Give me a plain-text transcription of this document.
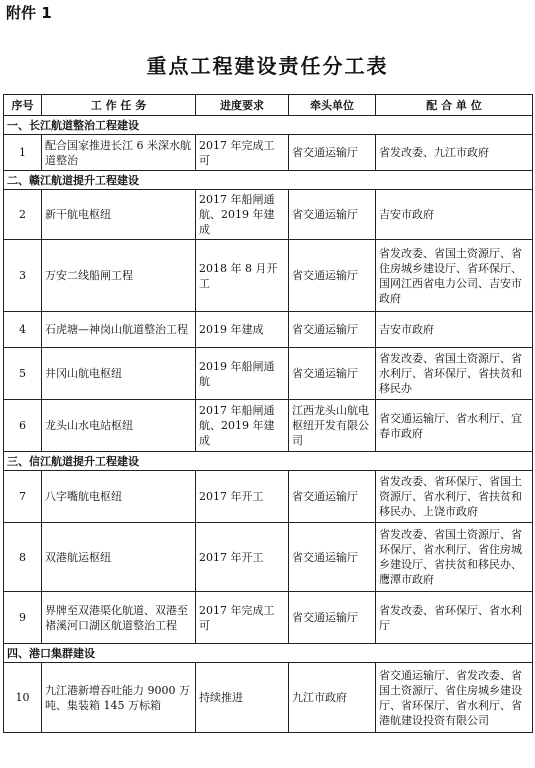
附件 1
重点工程建设责任分工表
序号	工 作 任 务	进度要求	牵头单位	配 合 单 位
一、长江航道整治工程建设				
1	配合国家推进长江 6 米深水航道整治	2017 年完成工可	省交通运输厅	省发改委、九江市政府
二、赣江航道提升工程建设				
2	新干航电枢纽	2017 年船闸通航、2019 年建成	省交通运输厅	吉安市政府
3	万安二线船闸工程	2018 年 8 月开工	省交通运输厅	省发改委、省国土资源厅、省住房城乡建设厅、省环保厅、国网江西省电力公司、吉安市政府
4	石虎塘—神岗山航道整治工程	2019 年建成	省交通运输厅	吉安市政府
5	井冈山航电枢纽	2019 年船闸通航	省交通运输厅	省发改委、省国土资源厅、省水利厅、省环保厅、省扶贫和移民办
6	龙头山水电站枢纽	2017 年船闸通航、2019 年建成	江西龙头山航电枢纽开发有限公司	省交通运输厅、省水利厅、宜春市政府
三、信江航道提升工程建设				
7	八字嘴航电枢纽	2017 年开工	省交通运输厅	省发改委、省环保厅、省国土资源厅、省水利厅、省扶贫和移民办、上饶市政府
8	双港航运枢纽	2017 年开工	省交通运输厅	省发改委、省国土资源厅、省环保厅、省水利厅、省住房城乡建设厅、省扶贫和移民办、鹰潭市政府
9	界牌至双港渠化航道、双港至褚溪河口湖区航道整治工程	2017 年完成工可	省交通运输厅	省发改委、省环保厅、省水利厅
四、港口集群建设				
10	九江港新增吞吐能力 9000 万吨、集装箱 145 万标箱	持续推进	九江市政府	省交通运输厅、省发改委、省国土资源厅、省住房城乡建设厅、省环保厅、省水利厅、省港航建设投资有限公司
